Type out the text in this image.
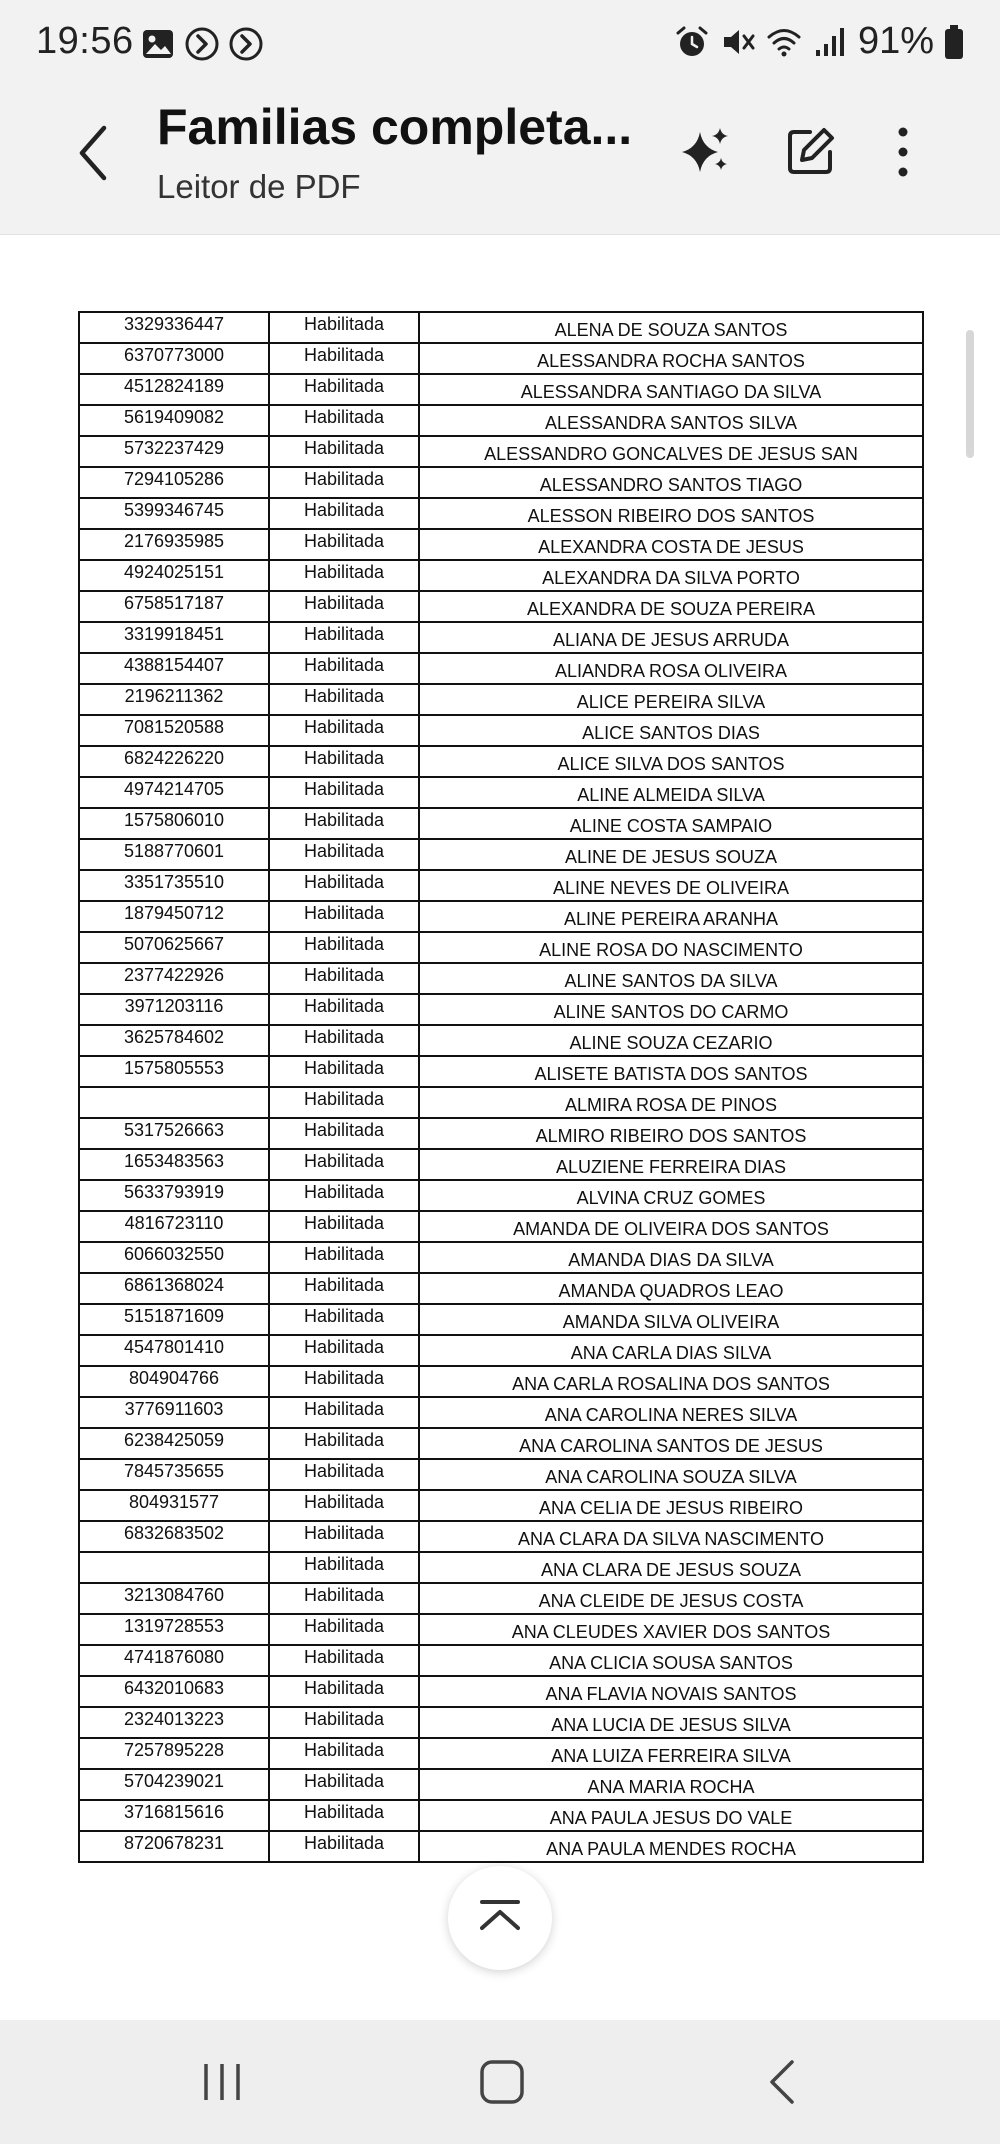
19:56	91%
Familias completa...
Leitor de PDF
3329336447	Habilitada	ALENA DE SOUZA SANTOS
6370773000	Habilitada	ALESSANDRA ROCHA SANTOS
4512824189	Habilitada	ALESSANDRA SANTIAGO DA SILVA
5619409082	Habilitada	ALESSANDRA SANTOS SILVA
5732237429	Habilitada	ALESSANDRO GONCALVES DE JESUS SAN
7294105286	Habilitada	ALESSANDRO SANTOS TIAGO
5399346745	Habilitada	ALESSON RIBEIRO DOS SANTOS
2176935985	Habilitada	ALEXANDRA COSTA DE JESUS
4924025151	Habilitada	ALEXANDRA DA SILVA PORTO
6758517187	Habilitada	ALEXANDRA DE SOUZA PEREIRA
3319918451	Habilitada	ALIANA DE JESUS ARRUDA
4388154407	Habilitada	ALIANDRA ROSA OLIVEIRA
2196211362	Habilitada	ALICE PEREIRA SILVA
7081520588	Habilitada	ALICE SANTOS DIAS
6824226220	Habilitada	ALICE SILVA DOS SANTOS
4974214705	Habilitada	ALINE ALMEIDA SILVA
1575806010	Habilitada	ALINE COSTA SAMPAIO
5188770601	Habilitada	ALINE DE JESUS SOUZA
3351735510	Habilitada	ALINE NEVES DE OLIVEIRA
1879450712	Habilitada	ALINE PEREIRA ARANHA
5070625667	Habilitada	ALINE ROSA DO NASCIMENTO
2377422926	Habilitada	ALINE SANTOS DA SILVA
3971203116	Habilitada	ALINE SANTOS DO CARMO
3625784602	Habilitada	ALINE SOUZA CEZARIO
1575805553	Habilitada	ALISETE BATISTA DOS SANTOS
	Habilitada	ALMIRA ROSA DE PINOS
5317526663	Habilitada	ALMIRO RIBEIRO DOS SANTOS
1653483563	Habilitada	ALUZIENE FERREIRA DIAS
5633793919	Habilitada	ALVINA CRUZ GOMES
4816723110	Habilitada	AMANDA DE OLIVEIRA DOS SANTOS
6066032550	Habilitada	AMANDA DIAS DA SILVA
6861368024	Habilitada	AMANDA QUADROS LEAO
5151871609	Habilitada	AMANDA SILVA OLIVEIRA
4547801410	Habilitada	ANA CARLA DIAS SILVA
804904766	Habilitada	ANA CARLA ROSALINA DOS SANTOS
3776911603	Habilitada	ANA CAROLINA NERES SILVA
6238425059	Habilitada	ANA CAROLINA SANTOS DE JESUS
7845735655	Habilitada	ANA CAROLINA SOUZA SILVA
804931577	Habilitada	ANA CELIA DE JESUS RIBEIRO
6832683502	Habilitada	ANA CLARA DA SILVA NASCIMENTO
	Habilitada	ANA CLARA DE JESUS SOUZA
3213084760	Habilitada	ANA CLEIDE DE JESUS COSTA
1319728553	Habilitada	ANA CLEUDES XAVIER DOS SANTOS
4741876080	Habilitada	ANA CLICIA SOUSA SANTOS
6432010683	Habilitada	ANA FLAVIA NOVAIS SANTOS
2324013223	Habilitada	ANA LUCIA DE JESUS SILVA
7257895228	Habilitada	ANA LUIZA FERREIRA SILVA
5704239021	Habilitada	ANA MARIA ROCHA
3716815616	Habilitada	ANA PAULA JESUS DO VALE
8720678231	Habilitada	ANA PAULA MENDES ROCHA
